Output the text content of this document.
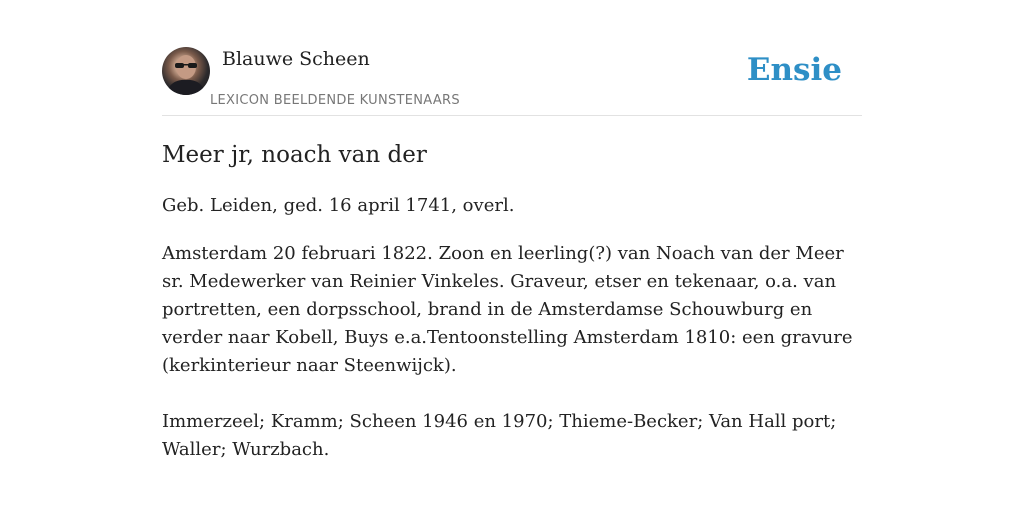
Blauwe Scheen
LEXICON BEELDENDE KUNSTENAARS
Ensie
Meer jr, noach van der
Geb. Leiden, ged. 16 april 1741, overl.

Amsterdam 20 februari 1822. Zoon en leerling(?) van Noach van der Meer sr. Medewerker van Reinier Vinkeles. Graveur, etser en tekenaar, o.a. van portretten, een dorpsschool, brand in de Amsterdamse Schouwburg en verder naar Kobell, Buys e.a.Tentoonstelling Amsterdam 1810: een gravure (kerkinterieur naar Steenwijck).

Immerzeel; Kramm; Scheen 1946 en 1970; Thieme-Becker; Van Hall port; Waller; Wurzbach.
